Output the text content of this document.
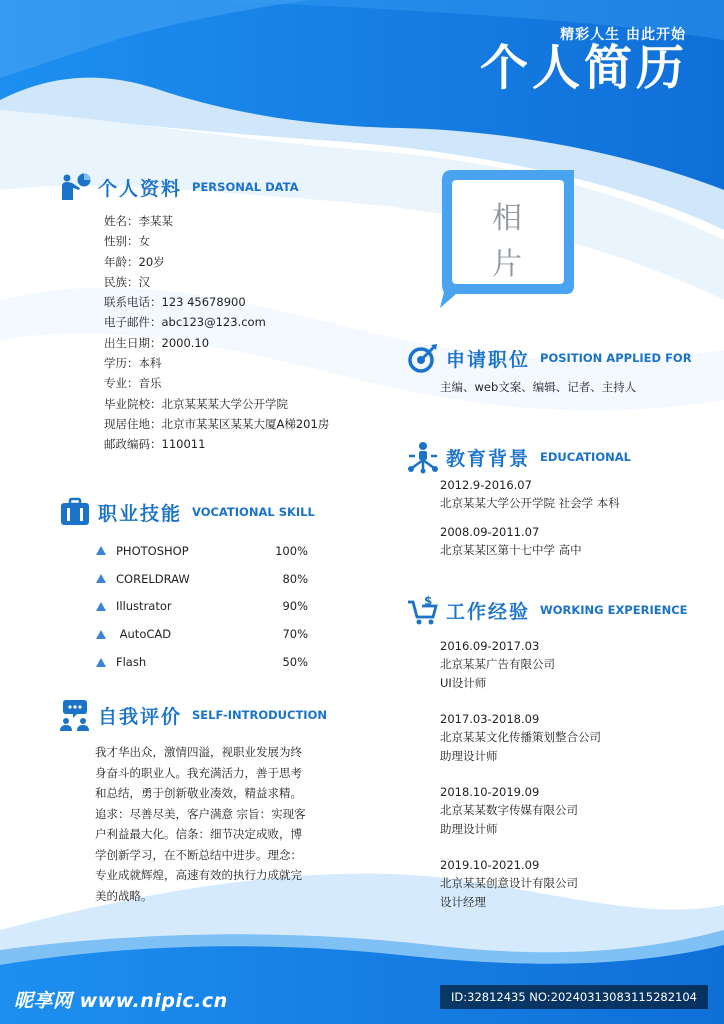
精彩人生 由此开始
个人简历
个人资料 PERSONAL DATA
姓名：李某某
性别：女
年龄：20岁
民族：汉
联系电话：123 45678900
电子邮件：abc123@123.com
出生日期：2000.10
学历：本科
专业：音乐
毕业院校：北京某某某大学公开学院
现居住地：北京市某某区某某大厦A梯201房
邮政编码：110011
相片
申请职位 POSITION APPLIED FOR
主编、web文案、编辑、记者、主持人
教育背景 EDUCATIONAL
2012.9-2016.07
北京某某大学公开学院 社会学 本科
2008.09-2011.07
北京某某区第十七中学 高中
职业技能 VOCATIONAL SKILL
PHOTOSHOP	100%
CORELDRAW	80%
Illustrator	90%
AutoCAD	70%
Flash	50%
$ 工作经验 WORKING EXPERIENCE
2016.09-2017.03
北京某某广告有限公司
UI设计师
2017.03-2018.09
北京某某文化传播策划整合公司
助理设计师
2018.10-2019.09
北京某某数字传媒有限公司
助理设计师
2019.10-2021.09
北京某某创意设计有限公司
设计经理
自我评价 SELF-INTRODUCTION
我才华出众，激情四溢，视职业发展为终
身奋斗的职业人。我充满活力，善于思考
和总结，勇于创新敬业凑效，精益求精。
追求：尽善尽美，客户满意 宗旨：实现客
户利益最大化。信条：细节决定成败，博
学创新学习，在不断总结中进步。理念：
专业成就辉煌，高速有效的执行力成就完
美的战略。
昵享网 www.nipic.cn	ID:32812435 NO:20240313083115282104
